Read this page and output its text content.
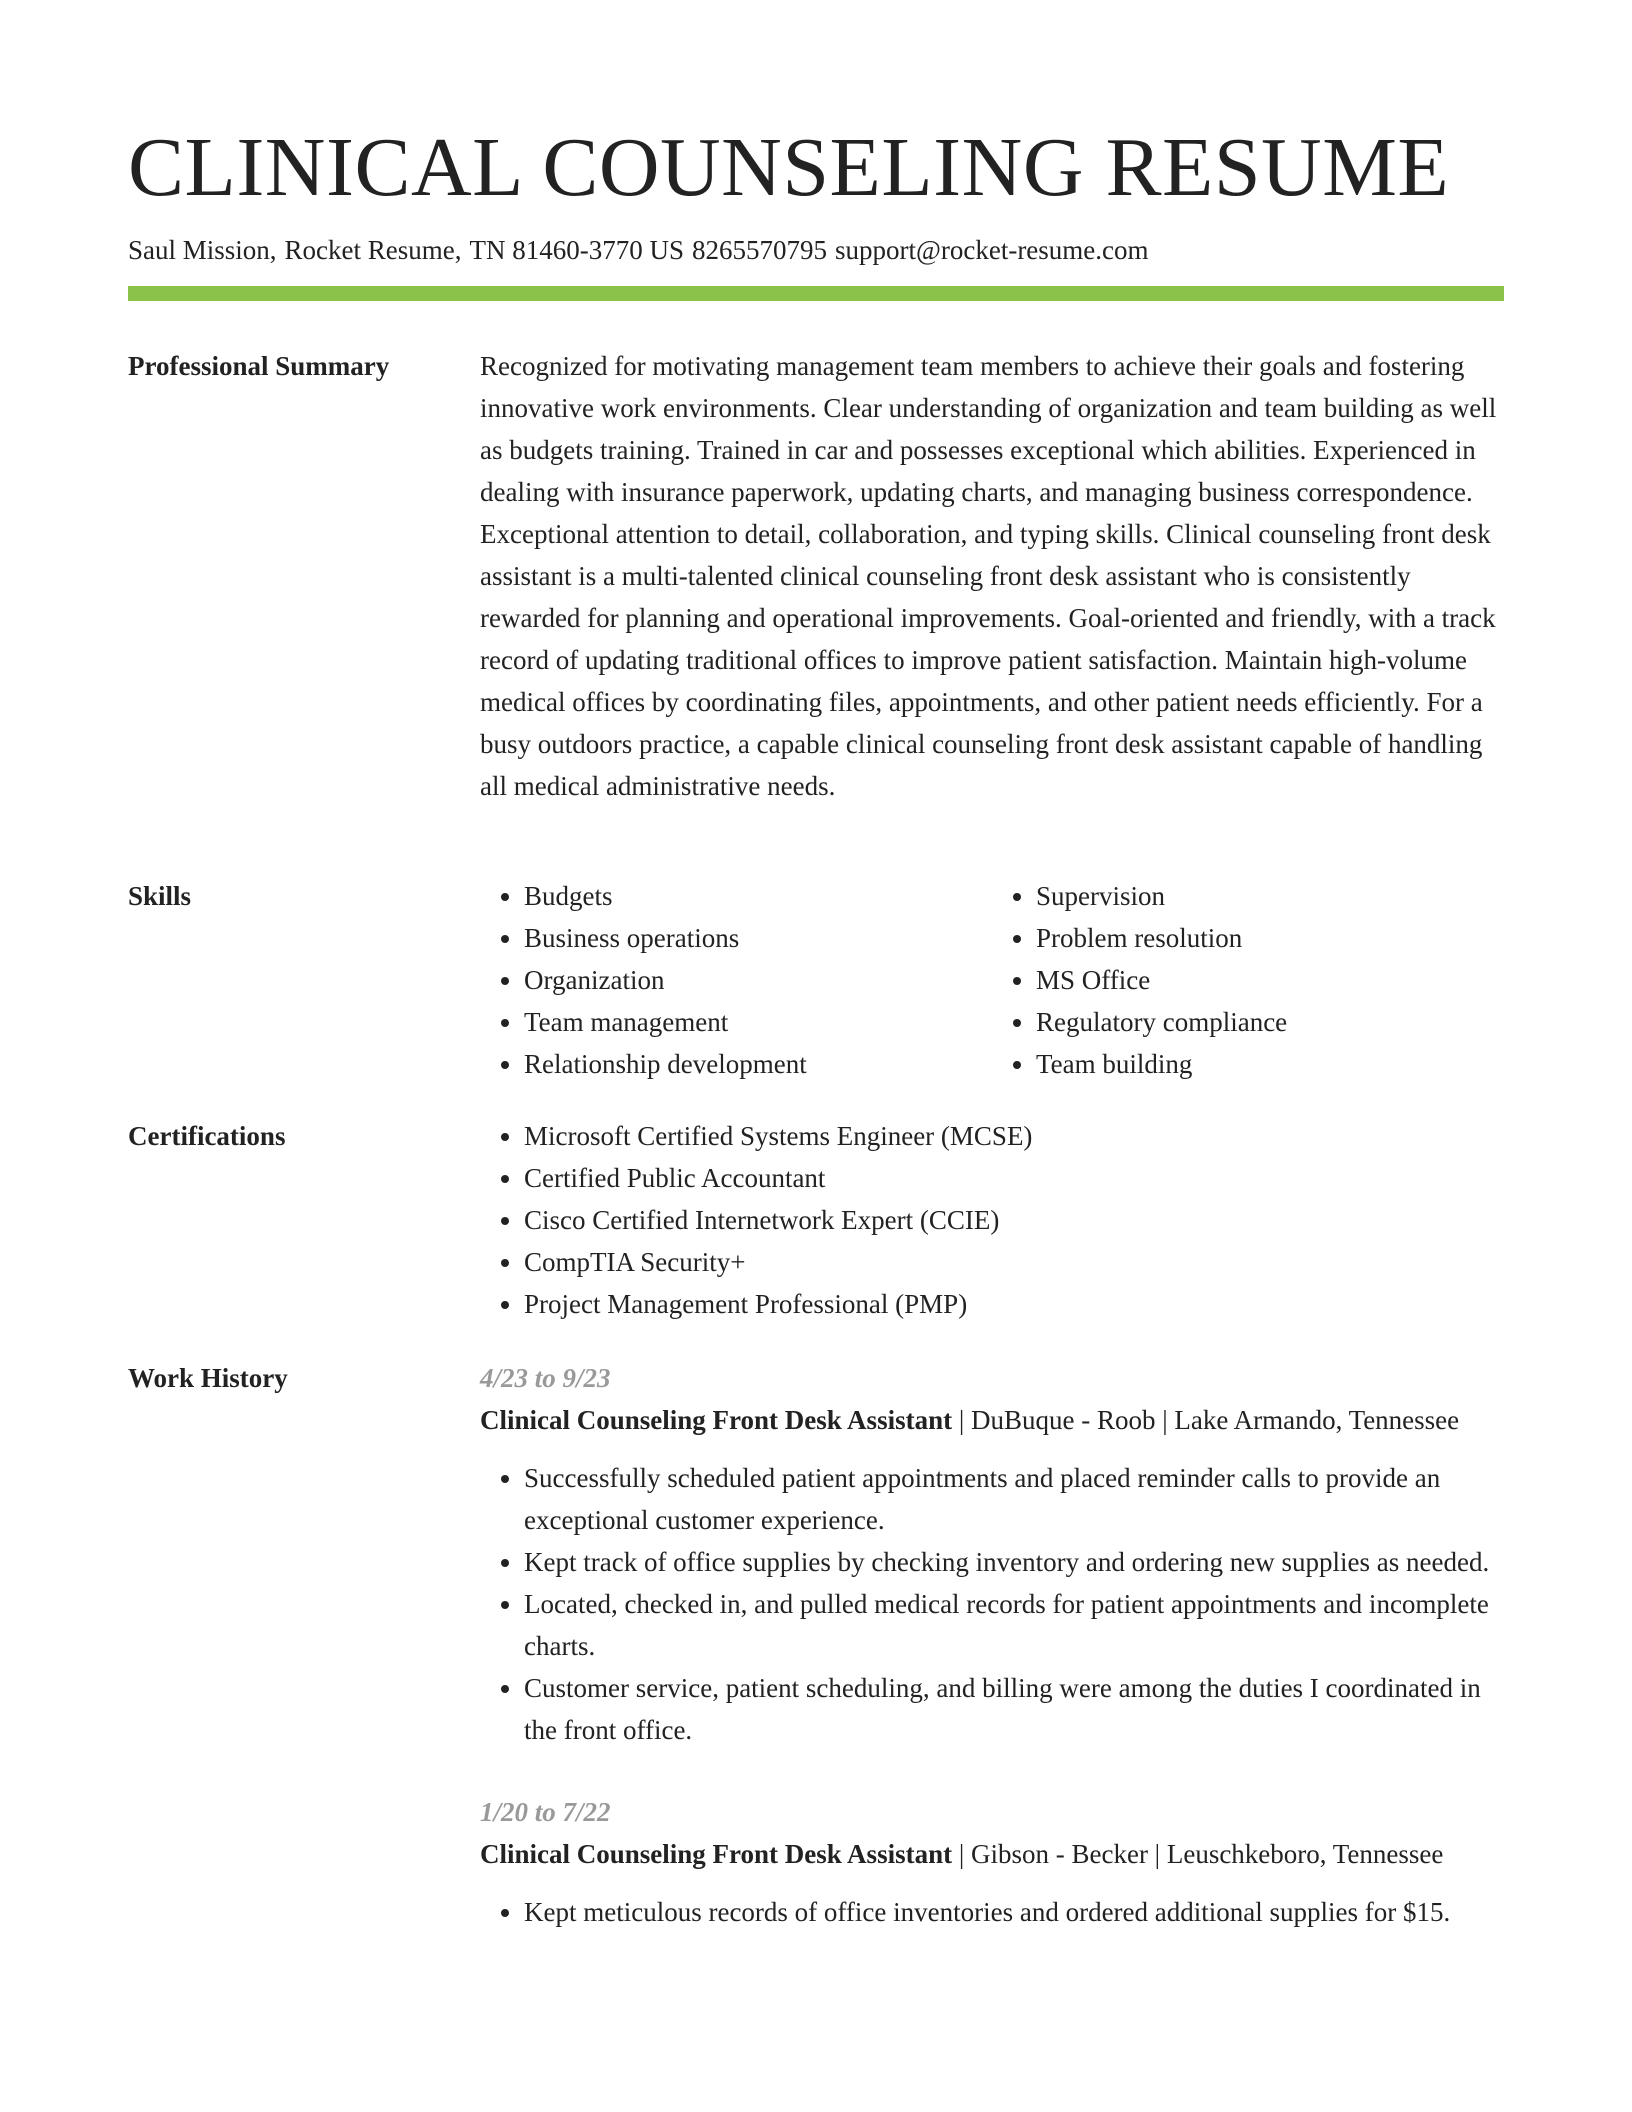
CLINICAL COUNSELING RESUME
Saul Mission, Rocket Resume, TN 81460-3770 US 8265570795 support@rocket-resume.com
Professional Summary	Recognized for motivating management team members to achieve their goals and fostering innovative work environments. Clear understanding of organization and team building as well as budgets training. Trained in car and possesses exceptional which abilities. Experienced in dealing with insurance paperwork, updating charts, and managing business correspondence. Exceptional attention to detail, collaboration, and typing skills. Clinical counseling front desk assistant is a multi-talented clinical counseling front desk assistant who is consistently rewarded for planning and operational improvements. Goal-oriented and friendly, with a track record of updating traditional offices to improve patient satisfaction. Maintain high-volume medical offices by coordinating files, appointments, and other patient needs efficiently. For a busy outdoors practice, a capable clinical counseling front desk assistant capable of handling all medical administrative needs.

Skills	• Budgets
• Business operations
• Organization
• Team management
• Relationship development
• Supervision
• Problem resolution
• MS Office
• Regulatory compliance
• Team building
Certifications	• Microsoft Certified Systems Engineer (MCSE)
• Certified Public Accountant
• Cisco Certified Internetwork Expert (CCIE)
• CompTIA Security+
• Project Management Professional (PMP)
Work History	4/23 to 9/23
Clinical Counseling Front Desk Assistant | DuBuque - Roob | Lake Armando, Tennessee
• Successfully scheduled patient appointments and placed reminder calls to provide an exceptional customer experience.
• Kept track of office supplies by checking inventory and ordering new supplies as needed.
• Located, checked in, and pulled medical records for patient appointments and incomplete charts.
• Customer service, patient scheduling, and billing were among the duties I coordinated in the front office.
1/20 to 7/22
Clinical Counseling Front Desk Assistant | Gibson - Becker | Leuschkeboro, Tennessee
• Kept meticulous records of office inventories and ordered additional supplies for $15.
